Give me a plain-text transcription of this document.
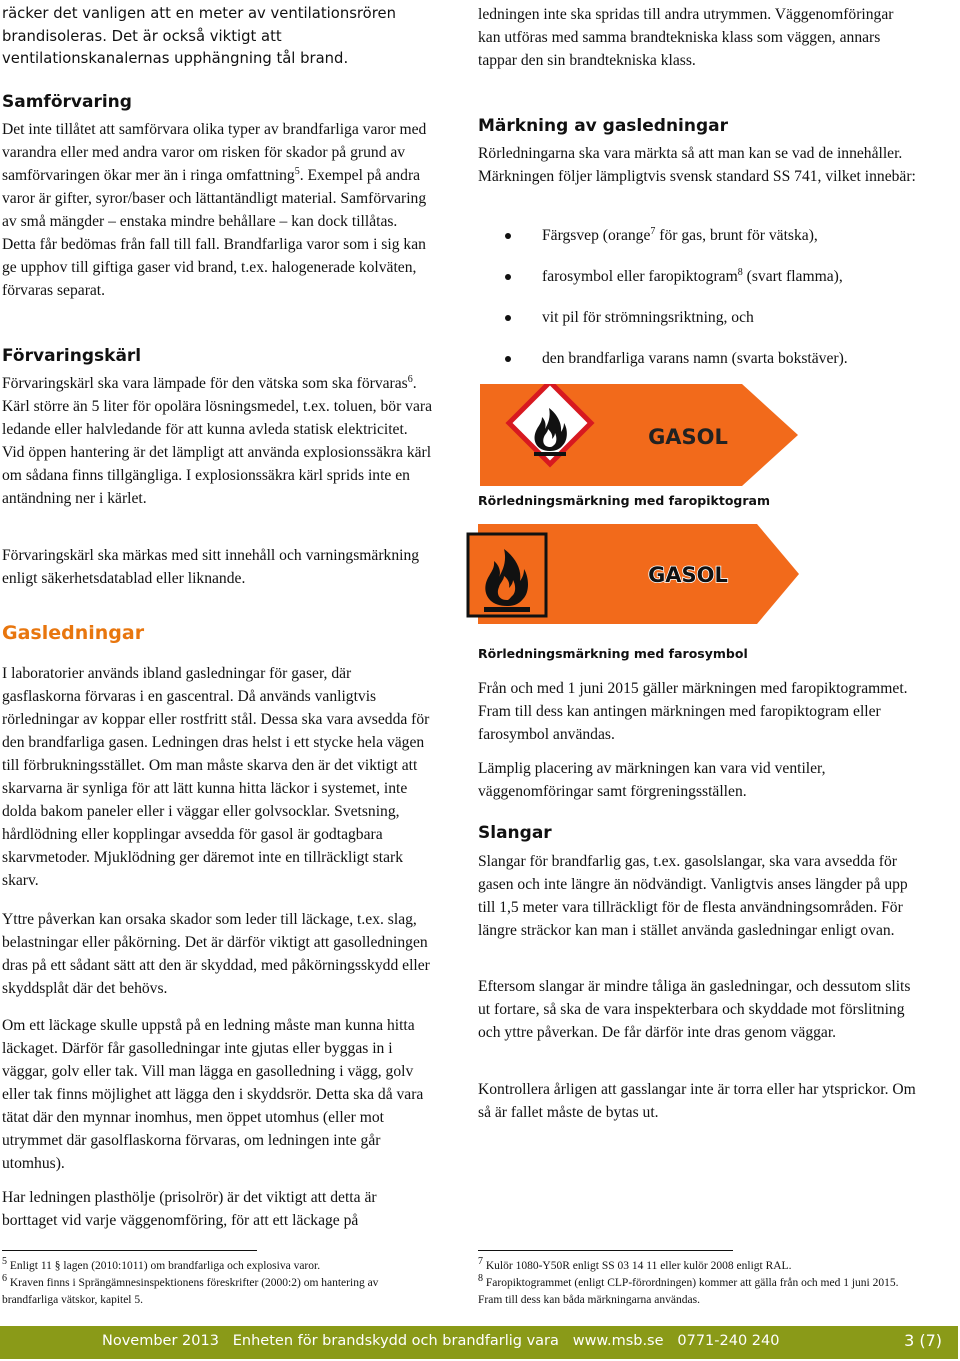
räcker det vanligen att en meter av ventilationsrören brandisoleras. Det är också viktigt att ventilationskanalernas upphängning tål brand.

Samförvaring

Det inte tillåtet att samförvara olika typer av brandfarliga varor med varandra eller med andra varor om risken för skador på grund av samförvaringen ökar mer än i ringa omfattning$^5$. Exempel på andra varor är gifter, syror/baser och lättantändligt material. Samförvaring av små mängder – enstaka mindre behållare – kan dock tillåtas. Detta får bedömas från fall till fall. Brandfarliga varor som i sig kan ge upphov till giftiga gaser vid brand, t.ex. halogenerade kolväten, förvaras separat.

Förvaringskärl

Förvaringskärl ska vara lämpade för den vätska som ska förvaras$^6$. Kärl större än 5 liter för opolära lösningsmedel, t.ex. toluen, bör vara ledande eller halvledande för att kunna avleda statisk elektricitet. Vid öppen hantering är det lämpligt att använda explosionssäkra kärl om sådana finns tillgängliga. I explosionssäkra kärl sprids inte en antändning ner i kärlet.

Förvaringskärl ska märkas med sitt innehåll och varningsmärkning enligt säkerhetsdatablad eller liknande.

Gasledningar

I laboratorier används ibland gasledningar för gaser, där gasflaskorna förvaras i en gascentral. Då används vanligtvis rörledningar av koppar eller rostfritt stål. Dessa ska vara avsedda för den brandfarliga gasen. Ledningen dras helst i ett stycke hela vägen till förbrukningsstället. Om man måste skarva den är det viktigt att skarvarna är synliga för att lätt kunna hitta läckor i systemet, inte dolda bakom paneler eller i väggar eller golvsocklar. Svetsning, hårdlödning eller kopplingar avsedda för gasol är godtagbara skarvmetoder. Mjuklödning ger däremot inte en tillräckligt stark skarv.

Yttre påverkan kan orsaka skador som leder till läckage, t.ex. slag, belastningar eller påkörning. Det är därför viktigt att gasolledningen dras på ett sådant sätt att den är skyddad, med påkörningsskydd eller skyddsplåt där det behövs.

Om ett läckage skulle uppstå på en ledning måste man kunna hitta läckaget. Därför får gasolledningar inte gjutas eller byggas in i väggar, golv eller tak. Vill man lägga en gasolledning i vägg, golv eller tak finns möjlighet att lägga den i skyddsrör. Detta ska då vara tätat där den mynnar inomhus, men öppet utomhus (eller mot utrymmet där gasolflaskorna förvaras, om ledningen inte går utomhus).

Har ledningen plasthölje (prisolrör) är det viktigt att detta är borttaget vid varje väggenomföring, för att ett läckage på

$^5$ Enligt 11 § lagen (2010:1011) om brandfarliga och explosiva varor.
$^6$ Kraven finns i Sprängämnesinspektionens föreskrifter (2000:2) om hantering av brandfarliga vätskor, kapitel 5.

ledningen inte ska spridas till andra utrymmen. Väggenomföringar kan utföras med samma brandtekniska klass som väggen, annars tappar den sin brandtekniska klass.

Märkning av gasledningar

Rörledningarna ska vara märkta så att man kan se vad de innehåller. Märkningen följer lämpligtvis svensk standard SS 741, vilket innebär:

Färgsvep (orange$^7$ för gas, brunt för vätska),
farosymbol eller faropiktogram$^8$ (svart flamma),
vit pil för strömningsriktning, och
den brandfarliga varans namn (svarta bokstäver).
GASOL
Rörledningsmärkning med faropiktogram
GASOL
Rörledningsmärkning med farosymbol

Från och med 1 juni 2015 gäller märkningen med faropiktogrammet. Fram till dess kan antingen märkningen med faropiktogram eller farosymbol användas.

Lämplig placering av märkningen kan vara vid ventiler, väggenomföringar samt förgreningsställen.

Slangar

Slangar för brandfarlig gas, t.ex. gasolslangar, ska vara avsedda för gasen och inte längre än nödvändigt. Vanligtvis anses längder på upp till 1,5 meter vara tillräckligt för de flesta användningsområden. För längre sträckor kan man i stället använda gasledningar enligt ovan.

Eftersom slangar är mindre tåliga än gasledningar, och dessutom slits ut fortare, så ska de vara inspekterbara och skyddade mot förslitning och yttre påverkan. De får därför inte dras genom väggar.

Kontrollera årligen att gasslangar inte är torra eller har ytsprickor. Om så är fallet måste de bytas ut.

$^7$ Kulör 1080-Y50R enligt SS 03 14 11 eller kulör 2008 enligt RAL.
$^8$ Faropiktogrammet (enligt CLP-förordningen) kommer att gälla från och med 1 juni 2015. Fram till dess kan båda märkningarna användas.
November 2013   Enheten för brandskydd och brandfarlig vara   www.msb.se   0771-240 240	3 (7)
